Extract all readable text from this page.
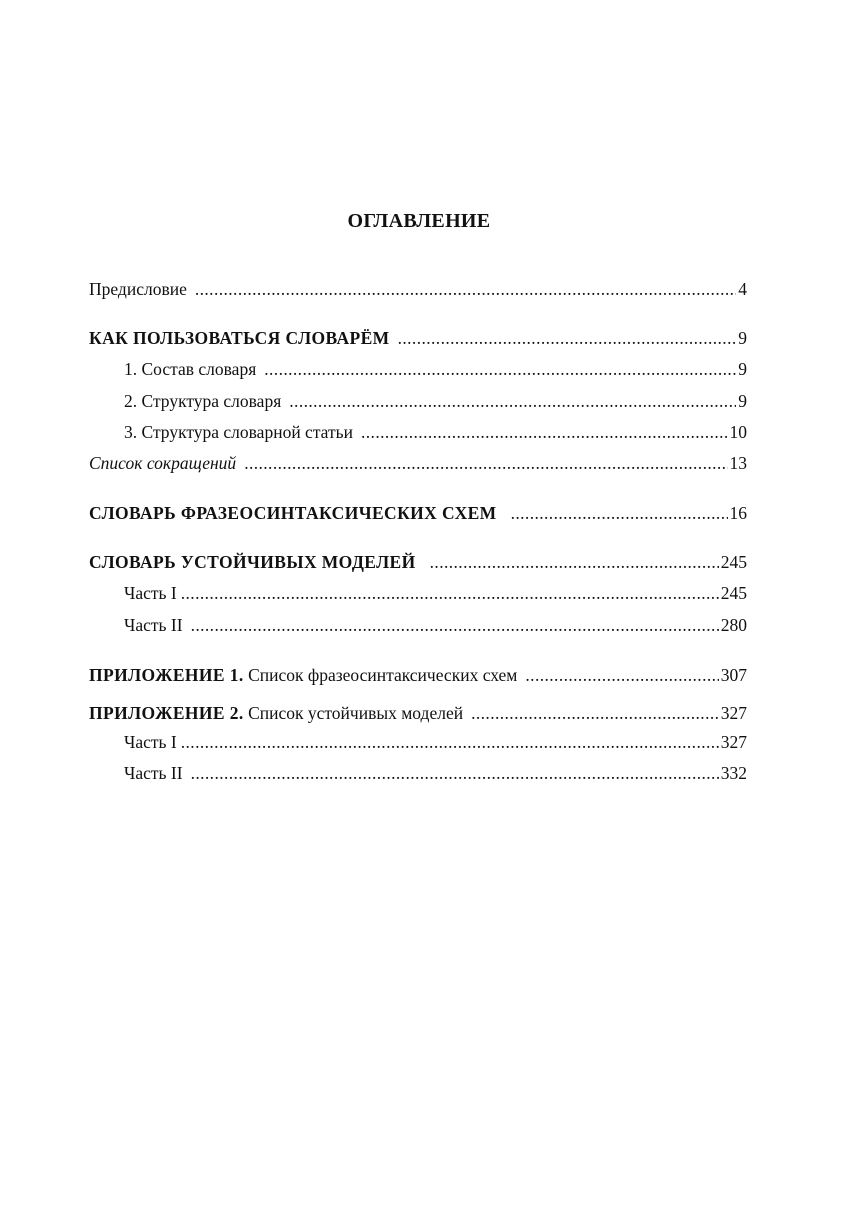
ОГЛАВЛЕНИЕ
Предисловие .....	4
КАК ПОЛЬЗОВАТЬСЯ СЛОВАРЁМ .....	9
1. Состав словаря .....	9
2. Структура словаря .....	9
3. Структура словарной статьи .....	10
Список сокращений .....	13
СЛОВАРЬ ФРАЗЕОСИНТАКСИЧЕСКИХ СХЕМ .....	16
СЛОВАРЬ УСТОЙЧИВЫХ МОДЕЛЕЙ .....	245
Часть I .....	245
Часть II .....	280
ПРИЛОЖЕНИЕ 1. Список фразеосинтаксических схем .....	307
ПРИЛОЖЕНИЕ 2. Список устойчивых моделей .....	327
Часть I .....	327
Часть II .....	332
